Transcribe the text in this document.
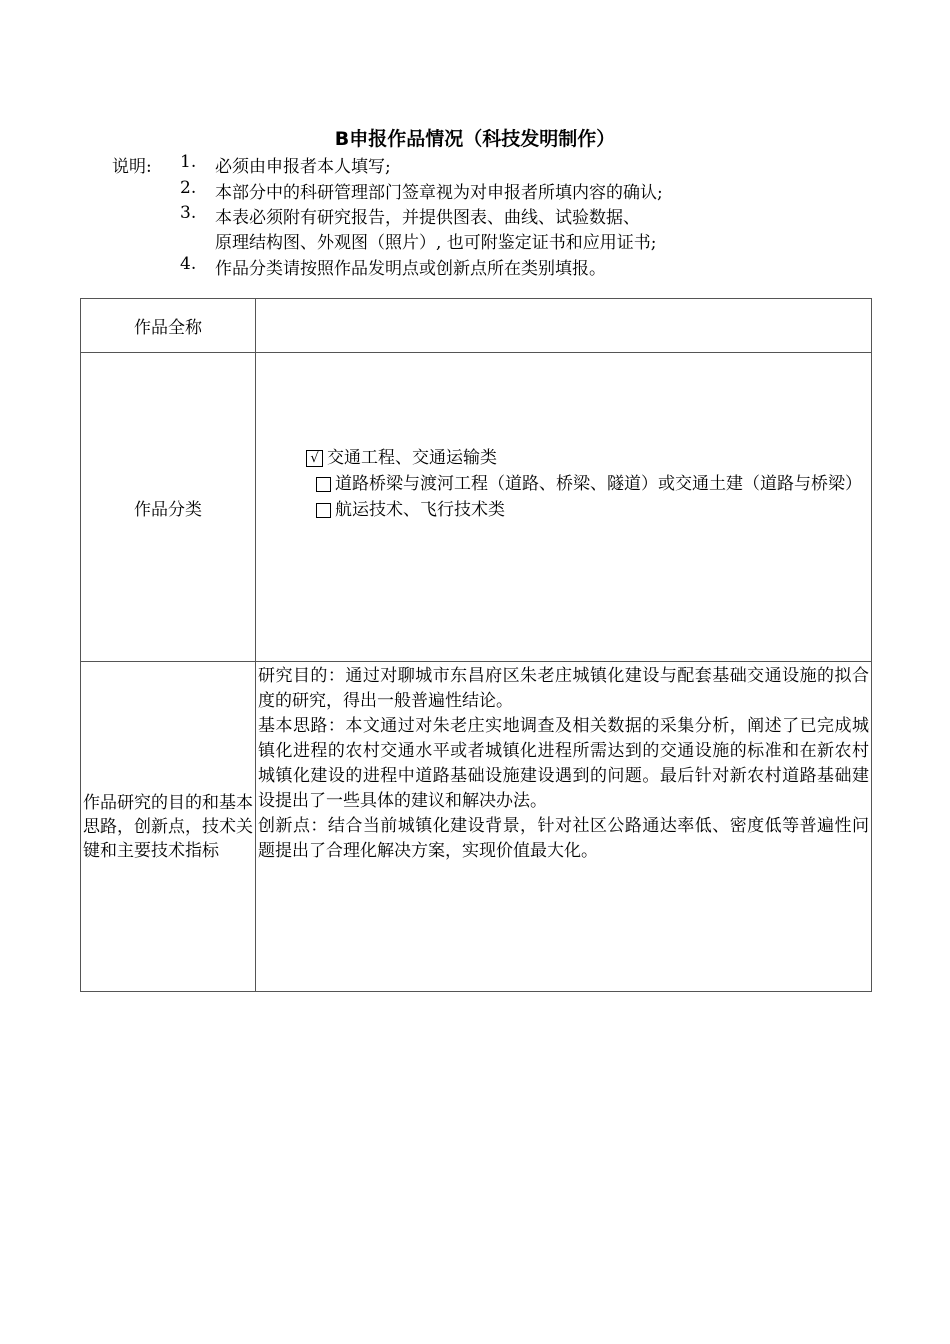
B申报作品情况（科技发明制作）
说明: 1. 必须由申报者本人填写;
2. 本部分中的科研管理部门签章视为对申报者所填内容的确认;
3. 本表必须附有研究报告，并提供图表、曲线、试验数据、
原理结构图、外观图（照片）, 也可附鉴定证书和应用证书;
4. 作品分类请按照作品发明点或创新点所在类别填报。
作品全称	
作品分类	√ 交通工程、交通运输类
道路桥梁与渡河工程（道路、桥梁、隧道）或交通土建（道路与桥梁）
航运技术、飞行技术类

作品研究的目的和基本思路，创新点，技术关键和主要技术指标	研究目的：通过对聊城市东昌府区朱老庄城镇化建设与配套基础交通设施的拟合度的研究，得出一般普遍性结论。
基本思路：本文通过对朱老庄实地调查及相关数据的采集分析，阐述了已完成城镇化进程的农村交通水平或者城镇化进程所需达到的交通设施的标准和在新农村城镇化建设的进程中道路基础设施建设遇到的问题。最后针对新农村道路基础建设提出了一些具体的建议和解决办法。
创新点：结合当前城镇化建设背景，针对社区公路通达率低、密度低等普遍性问题提出了合理化解决方案，实现价值最大化。
